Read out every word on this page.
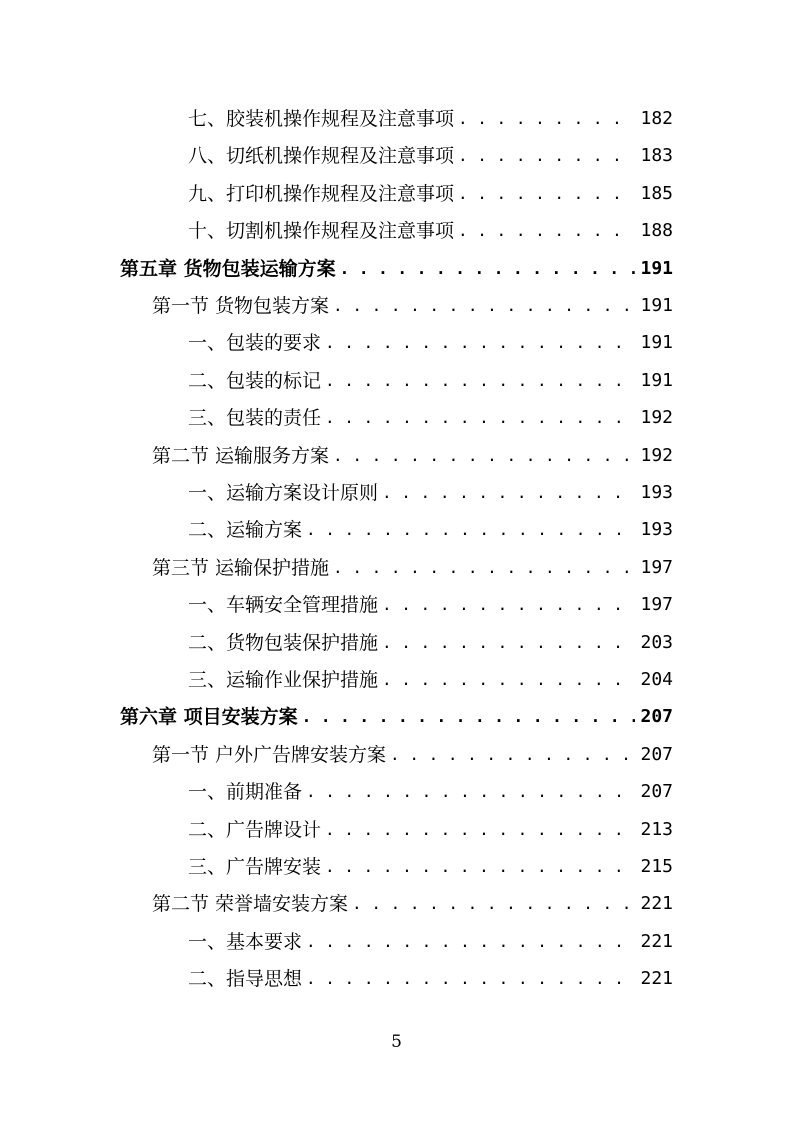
七、胶装机操作规程及注意事项 . . .	182
八、切纸机操作规程及注意事项 . . .	183
九、打印机操作规程及注意事项 . . .	185
十、切割机操作规程及注意事项 . . .	188
第五章 货物包装运输方案 . . .	191
第一节 货物包装方案 . . .	191
一、包装的要求 . . .	191
二、包装的标记 . . .	191
三、包装的责任 . . .	192
第二节 运输服务方案 . . .	192
一、运输方案设计原则 . . .	193
二、运输方案 . . .	193
第三节 运输保护措施 . . .	197
一、车辆安全管理措施 . . .	197
二、货物包装保护措施 . . .	203
三、运输作业保护措施 . . .	204
第六章 项目安装方案 . . .	207
第一节 户外广告牌安装方案 . . .	207
一、前期准备 . . .	207
二、广告牌设计 . . .	213
三、广告牌安装 . . .	215
第二节 荣誉墙安装方案 . . .	221
一、基本要求 . . .	221
二、指导思想 . . .	221
5
